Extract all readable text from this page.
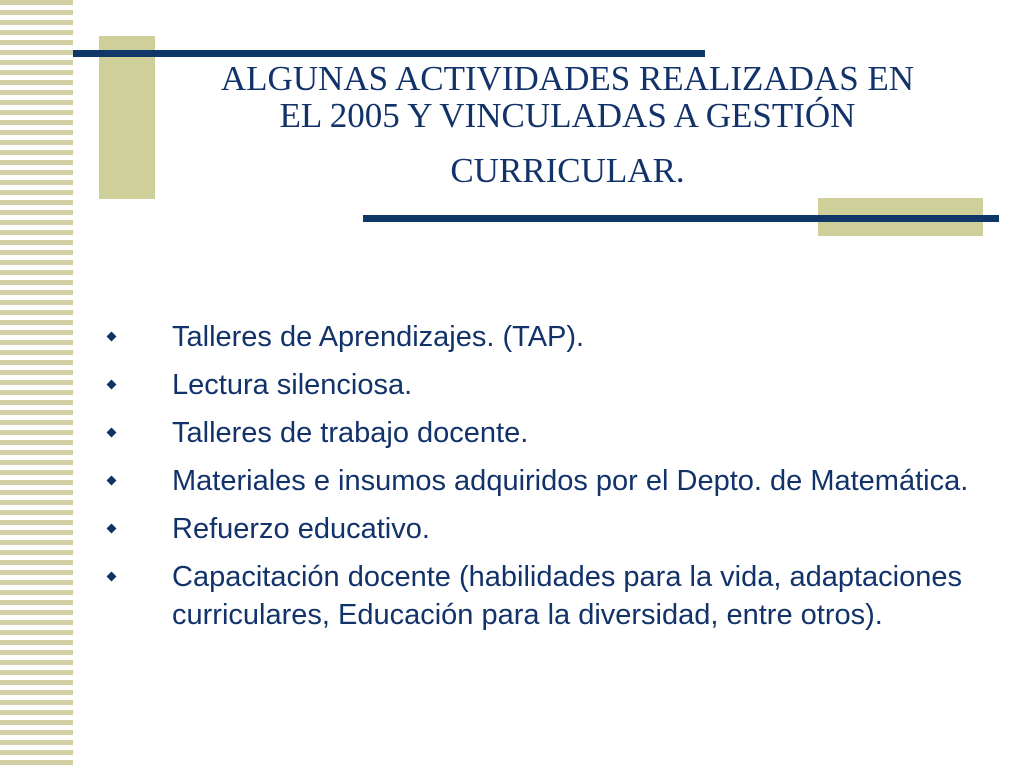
ALGUNAS ACTIVIDADES REALIZADAS EN
EL 2005 Y VINCULADAS A GESTIÓN
CURRICULAR.
Talleres de Aprendizajes. (TAP).
Lectura silenciosa.
Talleres de trabajo docente.
Materiales e insumos adquiridos por el Depto. de Matemática.
Refuerzo educativo.
Capacitación docente (habilidades para la vida, adaptaciones curriculares, Educación para la diversidad, entre otros).
